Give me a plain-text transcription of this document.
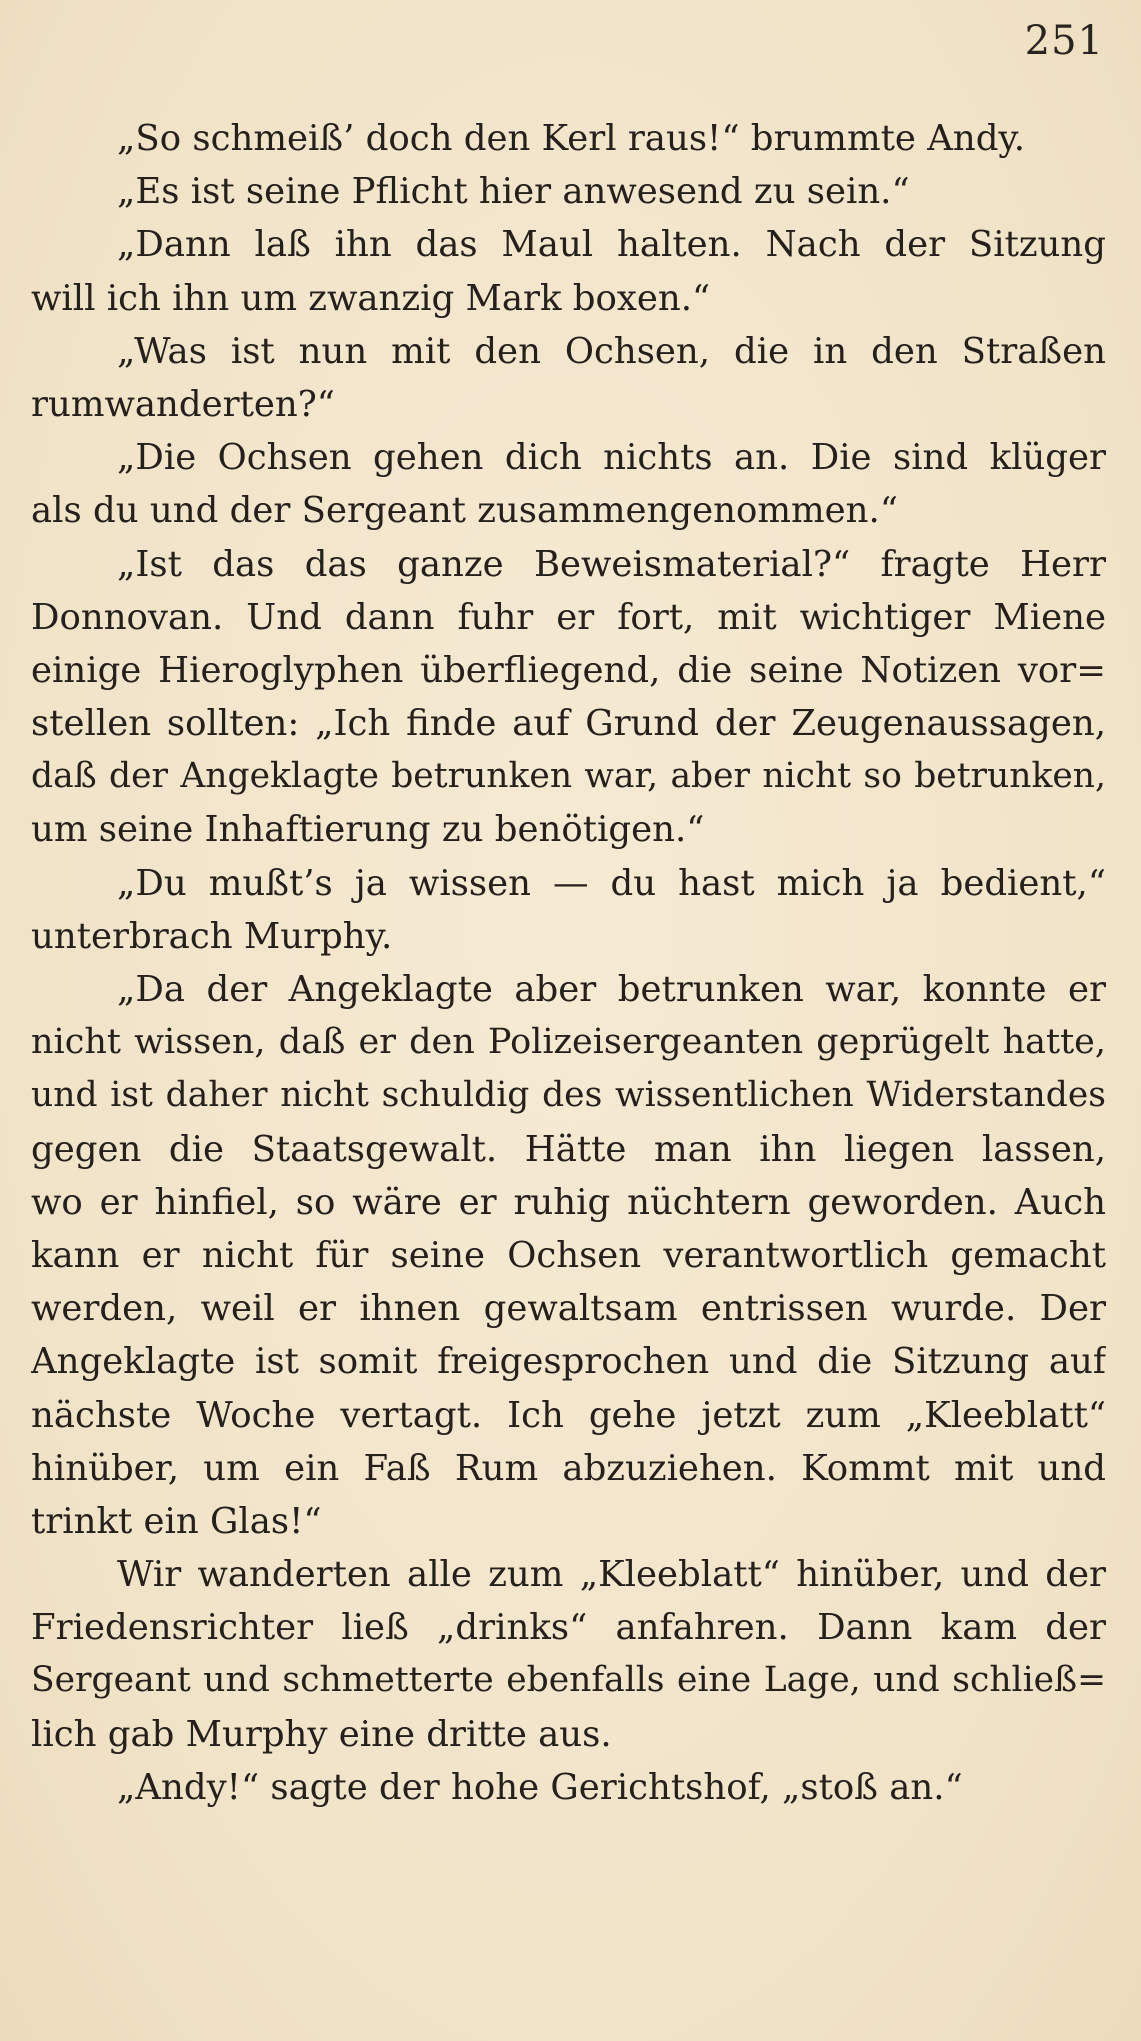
251
„So schmeiß’ doch den Kerl raus!“ brummte Andy.
„Es ist seine Pflicht hier anwesend zu sein.“
„Dann laß ihn das Maul halten. Nach der Sitzung
will ich ihn um zwanzig Mark boxen.“
„Was ist nun mit den Ochsen, die in den Straßen
rumwanderten?“
„Die Ochsen gehen dich nichts an. Die sind klüger
als du und der Sergeant zusammengenommen.“
„Ist das das ganze Beweismaterial?“ fragte Herr
Donnovan. Und dann fuhr er fort, mit wichtiger Miene
einige Hieroglyphen überfliegend, die seine Notizen vor=
stellen sollten: „Ich finde auf Grund der Zeugenaussagen,
daß der Angeklagte betrunken war, aber nicht so betrunken,
um seine Inhaftierung zu benötigen.“
„Du mußt’s ja wissen — du hast mich ja bedient,“
unterbrach Murphy.
„Da der Angeklagte aber betrunken war, konnte er
nicht wissen, daß er den Polizeisergeanten geprügelt hatte,
und ist daher nicht schuldig des wissentlichen Widerstandes
gegen die Staatsgewalt. Hätte man ihn liegen lassen,
wo er hinfiel, so wäre er ruhig nüchtern geworden. Auch
kann er nicht für seine Ochsen verantwortlich gemacht
werden, weil er ihnen gewaltsam entrissen wurde. Der
Angeklagte ist somit freigesprochen und die Sitzung auf
nächste Woche vertagt. Ich gehe jetzt zum „Kleeblatt“
hinüber, um ein Faß Rum abzuziehen. Kommt mit und
trinkt ein Glas!“
Wir wanderten alle zum „Kleeblatt“ hinüber, und der
Friedensrichter ließ „drinks“ anfahren. Dann kam der
Sergeant und schmetterte ebenfalls eine Lage, und schließ=
lich gab Murphy eine dritte aus.
„Andy!“ sagte der hohe Gerichtshof, „stoß an.“
